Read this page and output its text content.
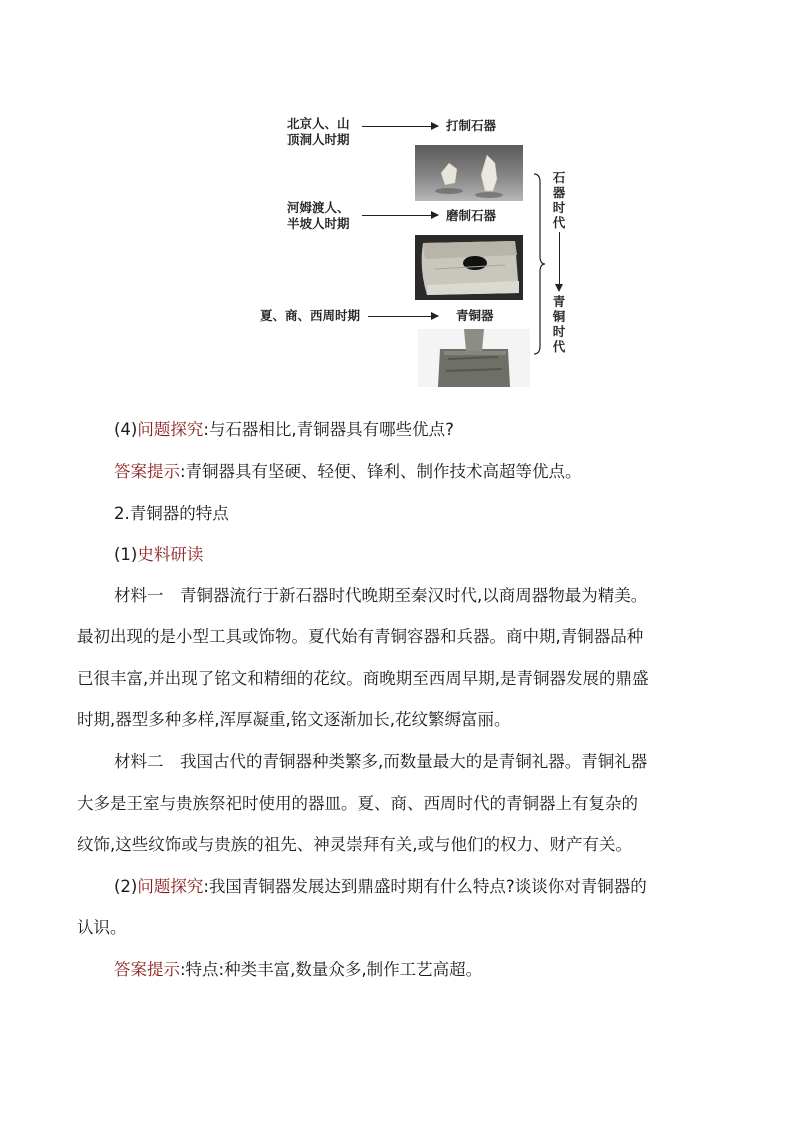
北京人、山
顶洞人时期
打制石器
河姆渡人、
半坡人时期
磨制石器
夏、商、西周时期	青铜器
石
器
时
代
青
铜
时
代
(4)问题探究:与石器相比,青铜器具有哪些优点?
答案提示:青铜器具有坚硬、轻便、锋利、制作技术高超等优点。
2.青铜器的特点
(1)史料研读
材料一　青铜器流行于新石器时代晚期至秦汉时代,以商周器物最为精美。
最初出现的是小型工具或饰物。夏代始有青铜容器和兵器。商中期,青铜器品种
已很丰富,并出现了铭文和精细的花纹。商晚期至西周早期,是青铜器发展的鼎盛
时期,器型多种多样,浑厚凝重,铭文逐渐加长,花纹繁缛富丽。
材料二　我国古代的青铜器种类繁多,而数量最大的是青铜礼器。青铜礼器
大多是王室与贵族祭祀时使用的器皿。夏、商、西周时代的青铜器上有复杂的
纹饰,这些纹饰或与贵族的祖先、神灵崇拜有关,或与他们的权力、财产有关。
(2)问题探究:我国青铜器发展达到鼎盛时期有什么特点?谈谈你对青铜器的
认识。
答案提示:特点:种类丰富,数量众多,制作工艺高超。
